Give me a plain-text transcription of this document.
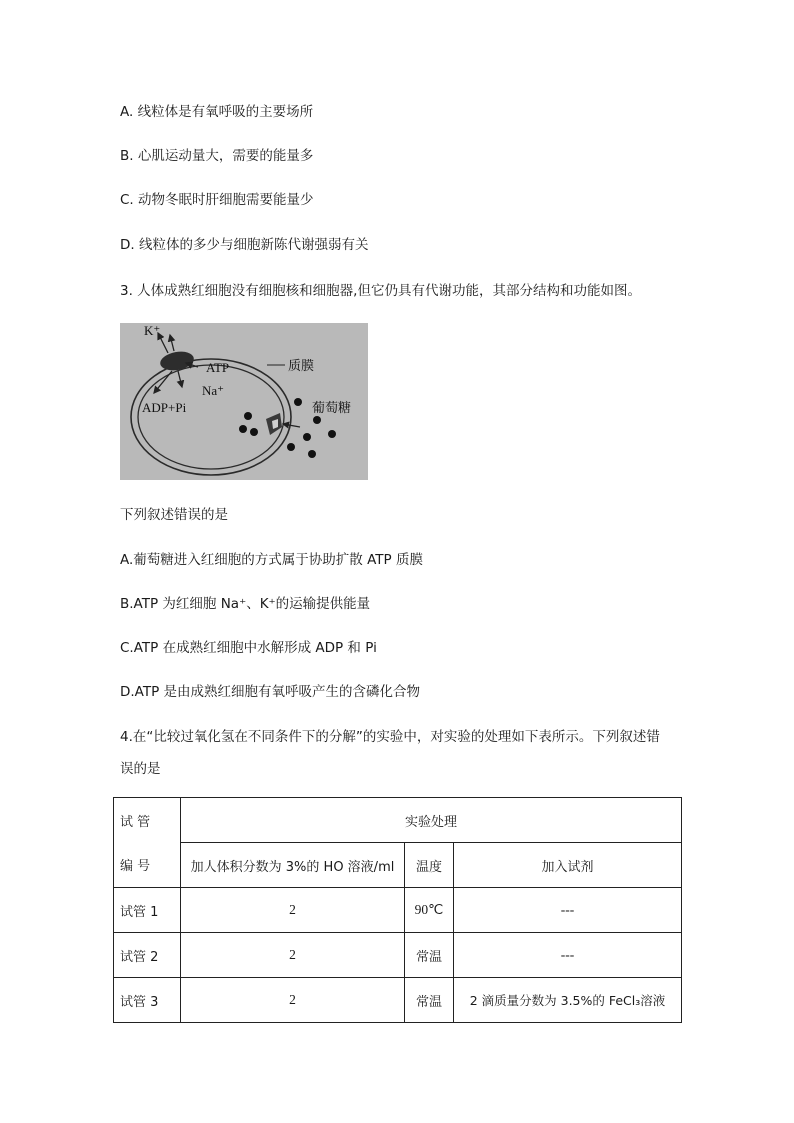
A. 线粒体是有氧呼吸的主要场所
B. 心肌运动量大，需要的能量多
C. 动物冬眠时肝细胞需要能量少
D. 线粒体的多少与细胞新陈代谢强弱有关
3. 人体成熟红细胞没有细胞核和细胞器,但它仍具有代谢功能，其部分结构和功能如图。
K⁺
ATP
Na⁺
ADP+Pi
质膜
葡萄糖
下列叙述错误的是
A.葡萄糖进入红细胞的方式属于协助扩散 ATP 质膜
B.ATP 为红细胞 Na⁺、K⁺的运输提供能量
C.ATP 在成熟红细胞中水解形成 ADP 和 Pi
D.ATP 是由成熟红细胞有氧呼吸产生的含磷化合物
4.在“比较过氧化氢在不同条件下的分解”的实验中，对实验的处理如下表所示。下列叙述错
误的是
试 管	实验处理		
编 号	加人体积分数为 3%的 HO 溶液/ml	温度	加入试剂
试管 1	2	90℃	---
试管 2	2	常温	---
试管 3	2	常温	2 滴质量分数为 3.5%的 FeCl₃溶液
